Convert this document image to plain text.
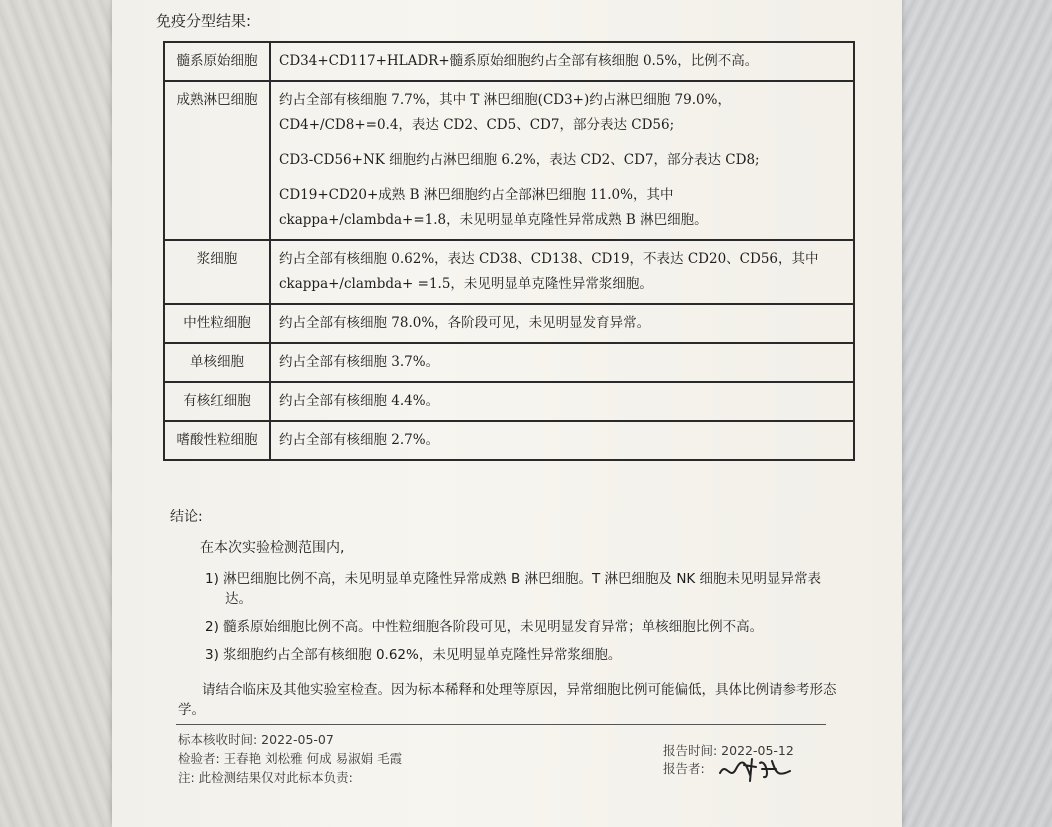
免疫分型结果:
髓系原始细胞	CD34+CD117+HLADR+髓系原始细胞约占全部有核细胞 0.5%，比例不高。

成熟淋巴细胞	约占全部有核细胞 7.7%，其中 T 淋巴细胞(CD3+)约占淋巴细胞 79.0%，CD4+/CD8+=0.4，表达 CD2、CD5、CD7，部分表达 CD56;

CD3-CD56+NK 细胞约占淋巴细胞 6.2%，表达 CD2、CD7，部分表达 CD8;

CD19+CD20+成熟 B 淋巴细胞约占全部淋巴细胞 11.0%，其中 ckappa+/clambda+=1.8，未见明显单克隆性异常成熟 B 淋巴细胞。

浆细胞	约占全部有核细胞 0.62%，表达 CD38、CD138、CD19，不表达 CD20、CD56，其中 ckappa+/clambda+ =1.5，未见明显单克隆性异常浆细胞。

中性粒细胞	约占全部有核细胞 78.0%，各阶段可见，未见明显发育异常。

单核细胞	约占全部有核细胞 3.7%。

有核红细胞	约占全部有核细胞 4.4%。

嗜酸性粒细胞	约占全部有核细胞 2.7%。

结论:
在本次实验检测范围内,
1) 淋巴细胞比例不高，未见明显单克隆性异常成熟 B 淋巴细胞。T 淋巴细胞及 NK 细胞未见明显异常表达。
2) 髓系原始细胞比例不高。中性粒细胞各阶段可见，未见明显发育异常；单核细胞比例不高。
3) 浆细胞约占全部有核细胞 0.62%，未见明显单克隆性异常浆细胞。
请结合临床及其他实验室检查。因为标本稀释和处理等原因，异常细胞比例可能偏低，具体比例请参考形态学。
标本核收时间: 2022-05-07
检验者: 王春艳 刘松雅 何成 易淑娟 毛霞
注: 此检测结果仅对此标本负责:
报告时间: 2022-05-12
报告者:
